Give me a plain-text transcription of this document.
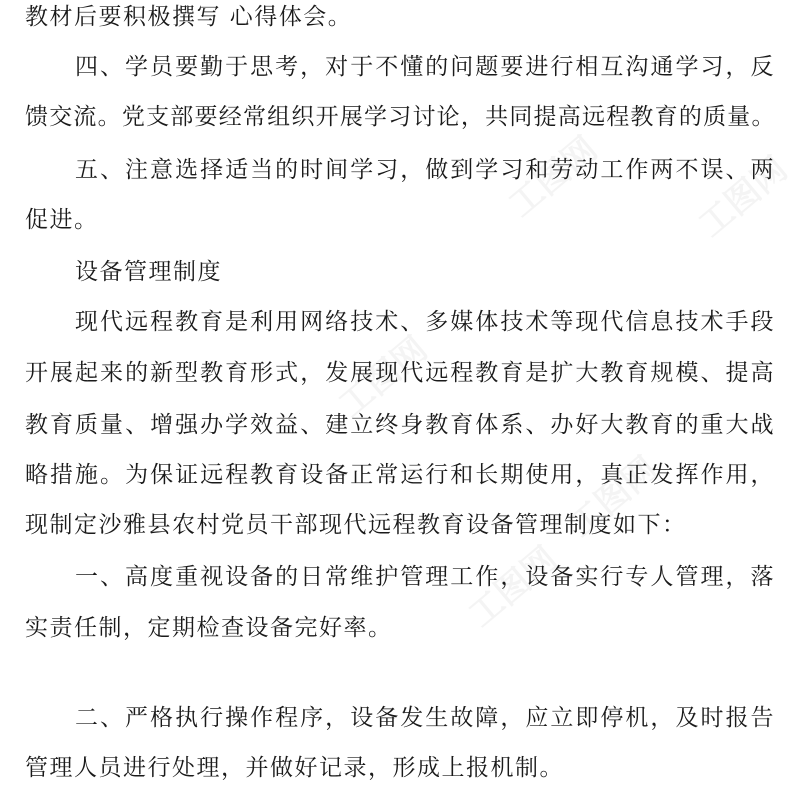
教材后要积极撰写 心得体会。
四、学员要勤于思考，对于不懂的问题要进行相互沟通学习，反
馈交流。党支部要经常组织开展学习讨论，共同提高远程教育的质量。
五、注意选择适当的时间学习，做到学习和劳动工作两不误、两
促进。
设备管理制度
现代远程教育是利用网络技术、多媒体技术等现代信息技术手段
开展起来的新型教育形式，发展现代远程教育是扩大教育规模、提高
教育质量、增强办学效益、建立终身教育体系、办好大教育的重大战
略措施。为保证远程教育设备正常运行和长期使用，真正发挥作用，
现制定沙雅县农村党员干部现代远程教育设备管理制度如下：
一、高度重视设备的日常维护管理工作，设备实行专人管理，落
实责任制，定期检查设备完好率。
二、严格执行操作程序，设备发生故障，应立即停机，及时报告
管理人员进行处理，并做好记录，形成上报机制。
